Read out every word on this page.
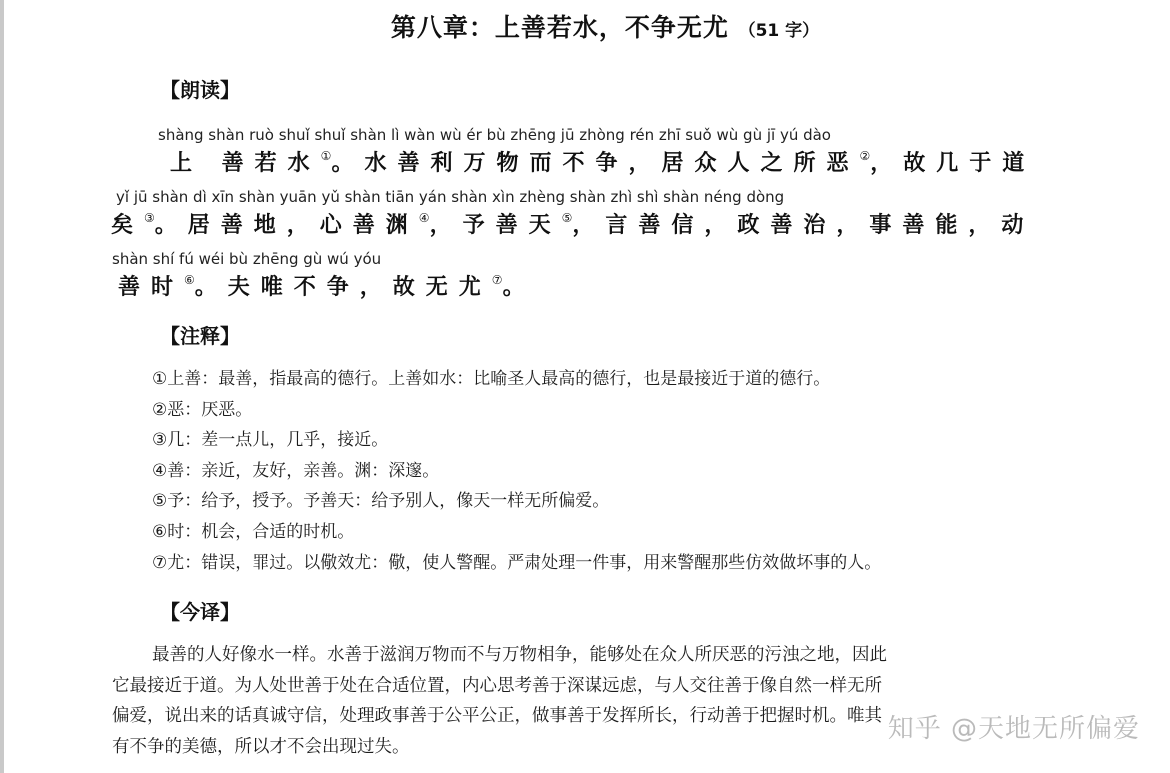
第八章：上善若水，不争无尤 （51 字）
【朗读】
shàng shàn ruò shuǐ shuǐ shàn lì wàn wù ér bù zhēng jū zhòng rén zhī suǒ wù gù jī yú dào
上 善若水①。水善利万物而不争，居众人之所恶②，故几于道
yǐ jū shàn dì xīn shàn yuān yǔ shàn tiān yán shàn xìn zhèng shàn zhì shì shàn néng dòng
矣③。居善地，心善渊④，予善天⑤，言善信，政善治，事善能，动
shàn shí fú wéi bù zhēng gù wú yóu
善时⑥。夫唯不争，故无尤⑦。
【注释】
①上善：最善，指最高的德行。上善如水：比喻圣人最高的德行，也是最接近于道的德行。
②恶：厌恶。
③几：差一点儿，几乎，接近。
④善：亲近，友好，亲善。渊：深邃。
⑤予：给予，授予。予善天：给予别人，像天一样无所偏爱。
⑥时：机会，合适的时机。
⑦尤：错误，罪过。以儆效尤：儆，使人警醒。严肃处理一件事，用来警醒那些仿效做坏事的人。
【今译】
最善的人好像水一样。水善于滋润万物而不与万物相争，能够处在众人所厌恶的污浊之地，因此
它最接近于道。为人处世善于处在合适位置，内心思考善于深谋远虑，与人交往善于像自然一样无所
偏爱，说出来的话真诚守信，处理政事善于公平公正，做事善于发挥所长，行动善于把握时机。唯其
有不争的美德，所以才不会出现过失。
知乎 @天地无所偏爱
